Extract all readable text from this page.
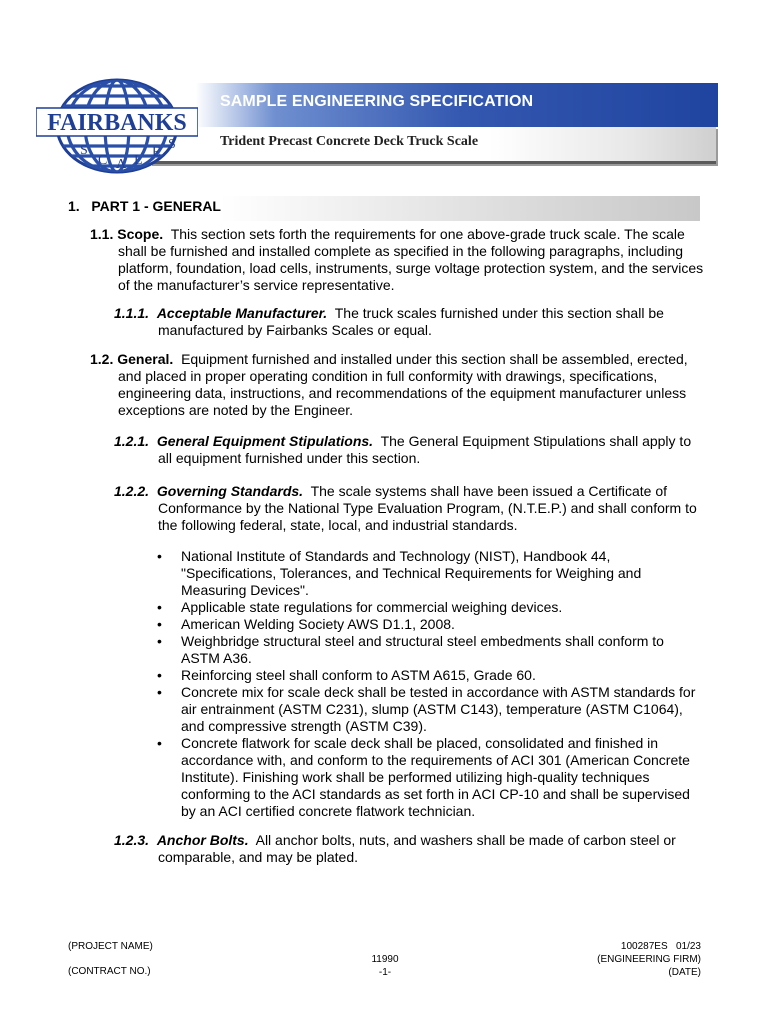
SAMPLE ENGINEERING SPECIFICATION
Trident Precast Concrete Deck Truck Scale
FAIRBANKS
S
C A L
E
S
1.   PART 1 - GENERAL
1.1. Scope. This section sets forth the requirements for one above-grade truck scale. The scale shall be furnished and installed complete as specified in the following paragraphs, including platform, foundation, load cells, instruments, surge voltage protection system, and the services of the manufacturer’s service representative.
1.1.1. Acceptable Manufacturer. The truck scales furnished under this section shall be manufactured by Fairbanks Scales or equal.
1.2. General. Equipment furnished and installed under this section shall be assembled, erected, and placed in proper operating condition in full conformity with drawings, specifications, engineering data, instructions, and recommendations of the equipment manufacturer unless exceptions are noted by the Engineer.
1.2.1. General Equipment Stipulations. The General Equipment Stipulations shall apply to all equipment furnished under this section.
1.2.2. Governing Standards. The scale systems shall have been issued a Certificate of Conformance by the National Type Evaluation Program, (N.T.E.P.) and shall conform to the following federal, state, local, and industrial standards.
• National Institute of Standards and Technology (NIST), Handbook 44, "Specifications, Tolerances, and Technical Requirements for Weighing and Measuring Devices".
• Applicable state regulations for commercial weighing devices.
• American Welding Society AWS D1.1, 2008.
• Weighbridge structural steel and structural steel embedments shall conform to ASTM A36.
• Reinforcing steel shall conform to ASTM A615, Grade 60.
• Concrete mix for scale deck shall be tested in accordance with ASTM standards for air entrainment (ASTM C231), slump (ASTM C143), temperature (ASTM C1064), and compressive strength (ASTM C39).
• Concrete flatwork for scale deck shall be placed, consolidated and finished in accordance with, and conform to the requirements of ACI 301 (American Concrete Institute). Finishing work shall be performed utilizing high-quality techniques conforming to the ACI standards as set forth in ACI CP-10 and shall be supervised by an ACI certified concrete flatwork technician.
1.2.3. Anchor Bolts. All anchor bolts, nuts, and washers shall be made of carbon steel or comparable, and may be plated.
(PROJECT NAME)
(CONTRACT NO.)
11990
-1-
100287ES   01/23
(ENGINEERING FIRM)
(DATE)
